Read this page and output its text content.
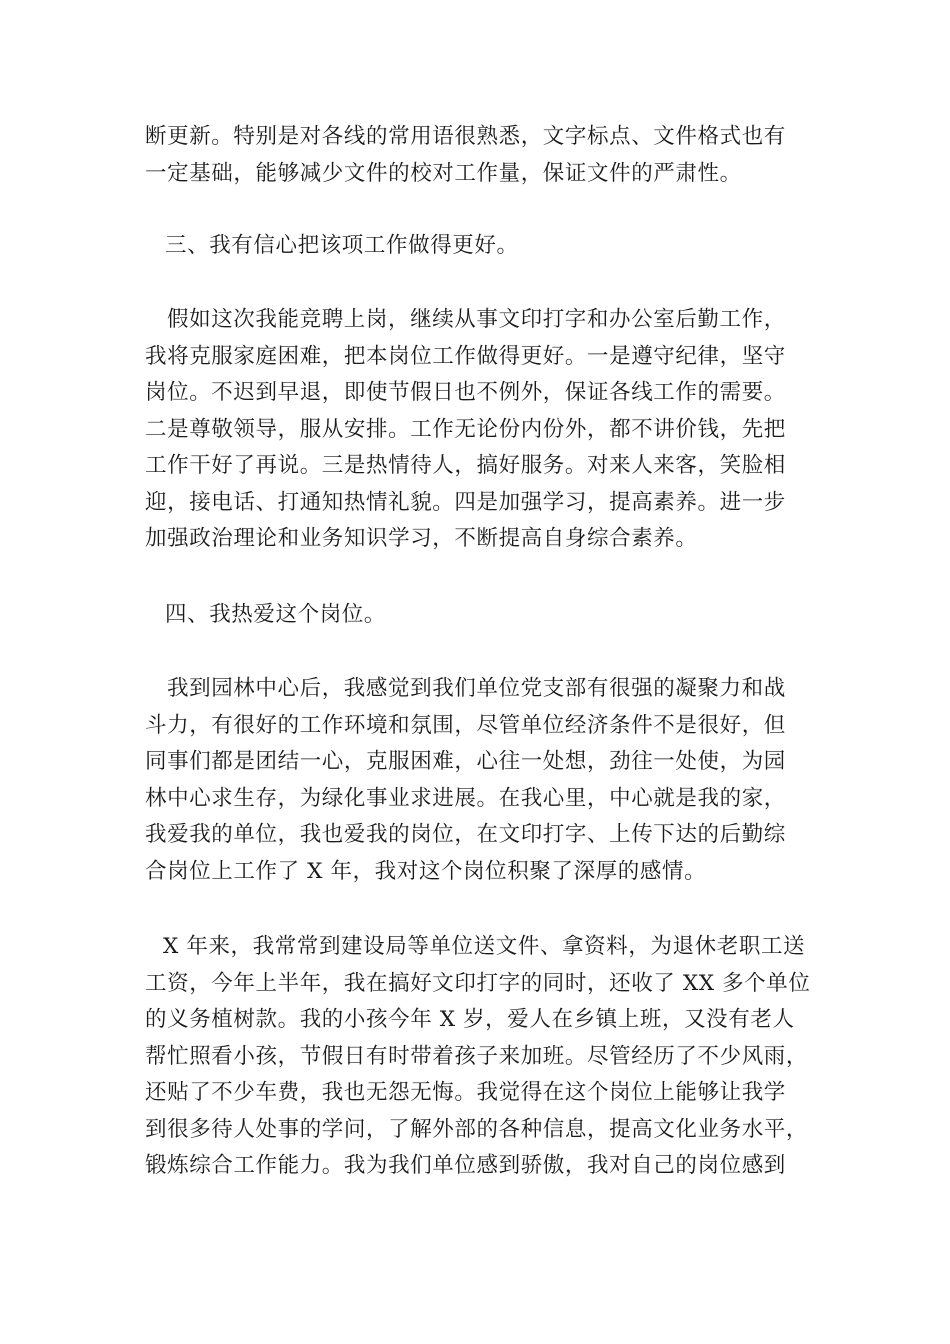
断更新。特别是对各线的常用语很熟悉，文字标点、文件格式也有
一定基础，能够减少文件的校对工作量，保证文件的严肃性。
三、我有信心把该项工作做得更好。
假如这次我能竞聘上岗，继续从事文印打字和办公室后勤工作，
我将克服家庭困难，把本岗位工作做得更好。一是遵守纪律，坚守
岗位。不迟到早退，即使节假日也不例外，保证各线工作的需要。
二是尊敬领导，服从安排。工作无论份内份外，都不讲价钱，先把
工作干好了再说。三是热情待人，搞好服务。对来人来客，笑脸相
迎，接电话、打通知热情礼貌。四是加强学习，提高素养。进一步
加强政治理论和业务知识学习，不断提高自身综合素养。
四、我热爱这个岗位。
我到园林中心后，我感觉到我们单位党支部有很强的凝聚力和战
斗力，有很好的工作环境和氛围，尽管单位经济条件不是很好，但
同事们都是团结一心，克服困难，心往一处想，劲往一处使，为园
林中心求生存，为绿化事业求进展。在我心里，中心就是我的家，
我爱我的单位，我也爱我的岗位，在文印打字、上传下达的后勤综
合岗位上工作了 X 年，我对这个岗位积聚了深厚的感情。
X 年来，我常常到建设局等单位送文件、拿资料，为退休老职工送
工资，今年上半年，我在搞好文印打字的同时，还收了 XX 多个单位
的义务植树款。我的小孩今年 X 岁，爱人在乡镇上班，又没有老人
帮忙照看小孩，节假日有时带着孩子来加班。尽管经历了不少风雨，
还贴了不少车费，我也无怨无悔。我觉得在这个岗位上能够让我学
到很多待人处事的学问，了解外部的各种信息，提高文化业务水平，
锻炼综合工作能力。我为我们单位感到骄傲，我对自己的岗位感到
